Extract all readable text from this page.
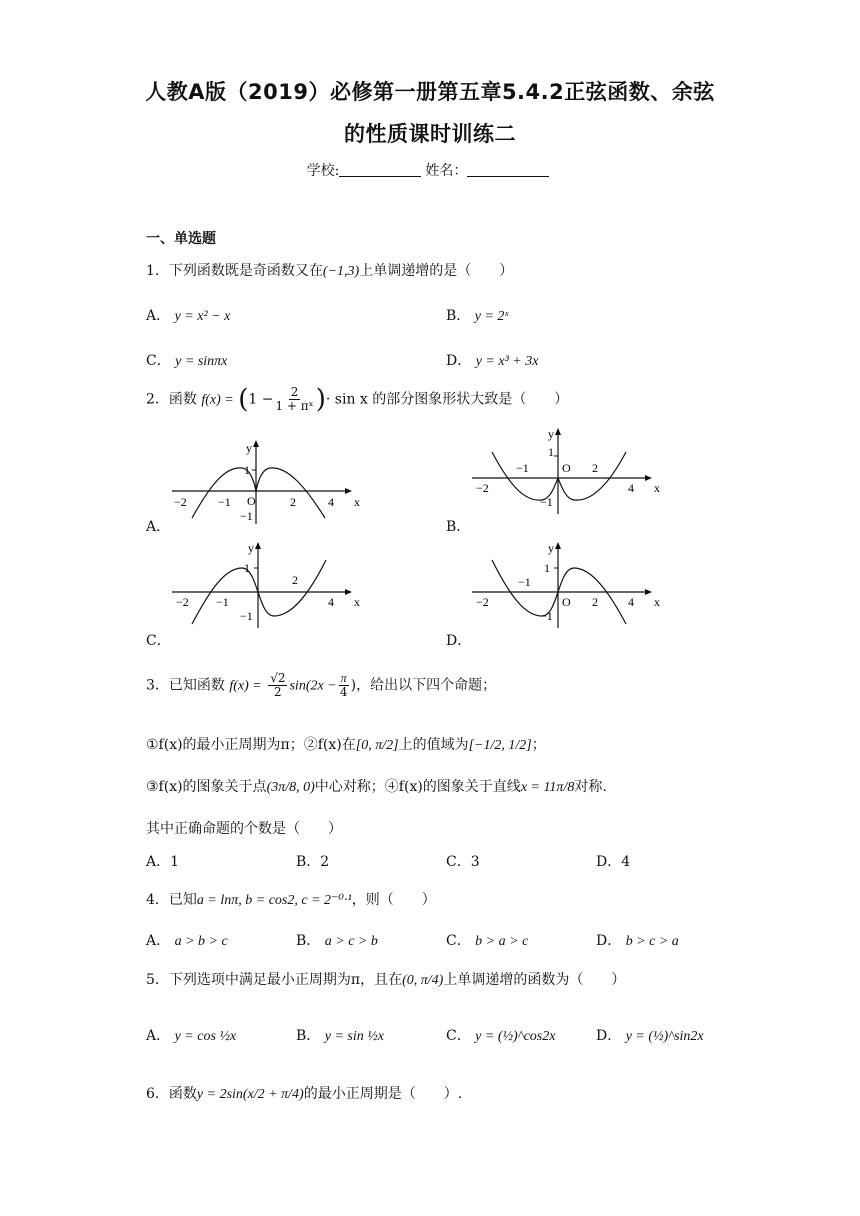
人教A版（2019）必修第一册第五章5.4.2正弦函数、余弦
的性质课时训练二
学校:	姓名：
一、单选题
1．下列函数既是奇函数又在(−1,3)上单调递增的是（　　）
A． y = x² − x	B． y = 2ˣ
C． y = sinπx	D． y = x³ + 3x
2．函数 $f(x) = (1 - \frac{2}{\text{1 + πˣ}}$ )· sin x 的部分图象形状大致是（　　）
y
1
−2	−1 O	2	4 x
−1
A．
y
1
−2
−1	O 2
4 x
−1
B．
y
1
−2 −1
2
4 x
−1
C．
y
1
−2
−1
O 2	4 x
−1
D．
3．已知函数 $f(x) = \frac{√2}{2} \sin(2x - \frac{\pi}{4}$ )，给出以下四个命题；
①f(x)的最小正周期为π；②f(x)在[0, π/2]上的值域为[−1/2, 1/2]；
③f(x)的图象关于点(3π/8, 0)中心对称；④f(x)的图象关于直线x = 11π/8对称.
其中正确命题的个数是（　　）
A．1	B．2	C．3	D．4
4．已知a = lnπ, b = cos2, c = 2⁻⁰·¹，则（　　）
A． a > b > c	B． a > c > b	C． b > a > c	D． b > c > a
5．下列选项中满足最小正周期为π，且在(0, π/4)上单调递增的函数为（　　）
A． y = cos ½x	B． y = sin ½x	C． y = (½)^cos2x	D． y = (½)^sin2x
6．函数y = 2sin(x/2 + π/4)的最小正周期是（　　）.
